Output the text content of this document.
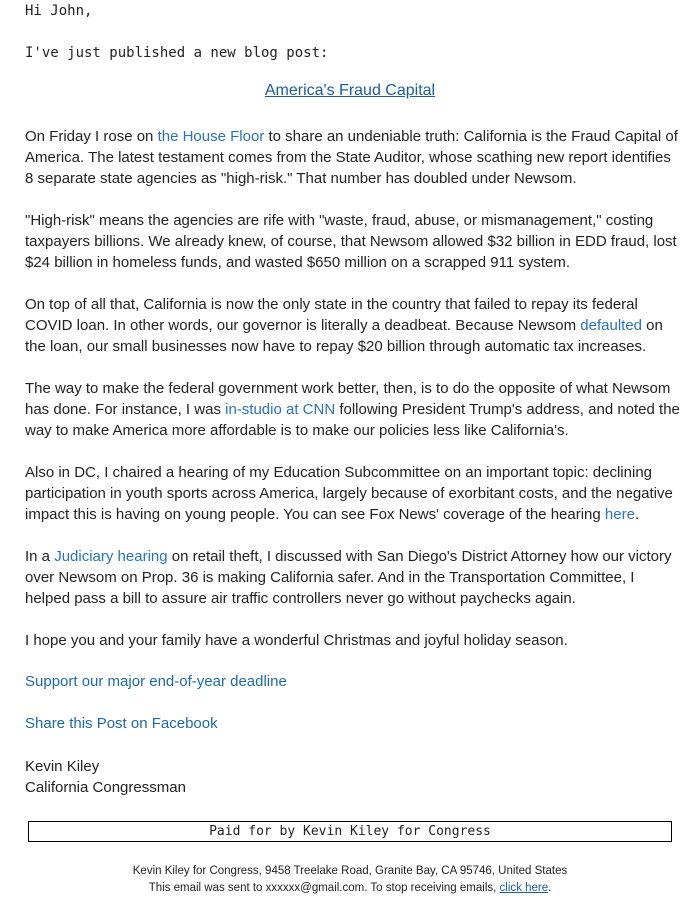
Hi John,
I've just published a new blog post:
America's Fraud Capital

On Friday I rose on the House Floor to share an undeniable truth: California is the Fraud Capital of America. The latest testament comes from the State Auditor, whose scathing new report identifies 8 separate state agencies as "high-risk." That number has doubled under Newsom.

"High-risk" means the agencies are rife with "waste, fraud, abuse, or mismanagement," costing taxpayers billions. We already knew, of course, that Newsom allowed $32 billion in EDD fraud, lost $24 billion in homeless funds, and wasted $650 million on a scrapped 911 system.

On top of all that, California is now the only state in the country that failed to repay its federal COVID loan. In other words, our governor is literally a deadbeat. Because Newsom defaulted on the loan, our small businesses now have to repay $20 billion through automatic tax increases.

The way to make the federal government work better, then, is to do the opposite of what Newsom has done. For instance, I was in-studio at CNN following President Trump's address, and noted the way to make America more affordable is to make our policies less like California's.

Also in DC, I chaired a hearing of my Education Subcommittee on an important topic: declining participation in youth sports across America, largely because of exorbitant costs, and the negative impact this is having on young people. You can see Fox News' coverage of the hearing here.

In a Judiciary hearing on retail theft, I discussed with San Diego's District Attorney how our victory over Newsom on Prop. 36 is making California safer. And in the Transportation Committee, I helped pass a bill to assure air traffic controllers never go without paychecks again.

I hope you and your family have a wonderful Christmas and joyful holiday season.

Support our major end-of-year deadline
Share this Post on Facebook
Kevin Kiley
California Congressman
Paid for by Kevin Kiley for Congress
Kevin Kiley for Congress, 9458 Treelake Road, Granite Bay, CA 95746, United States
This email was sent to xxxxxx@gmail.com. To stop receiving emails, click here.
